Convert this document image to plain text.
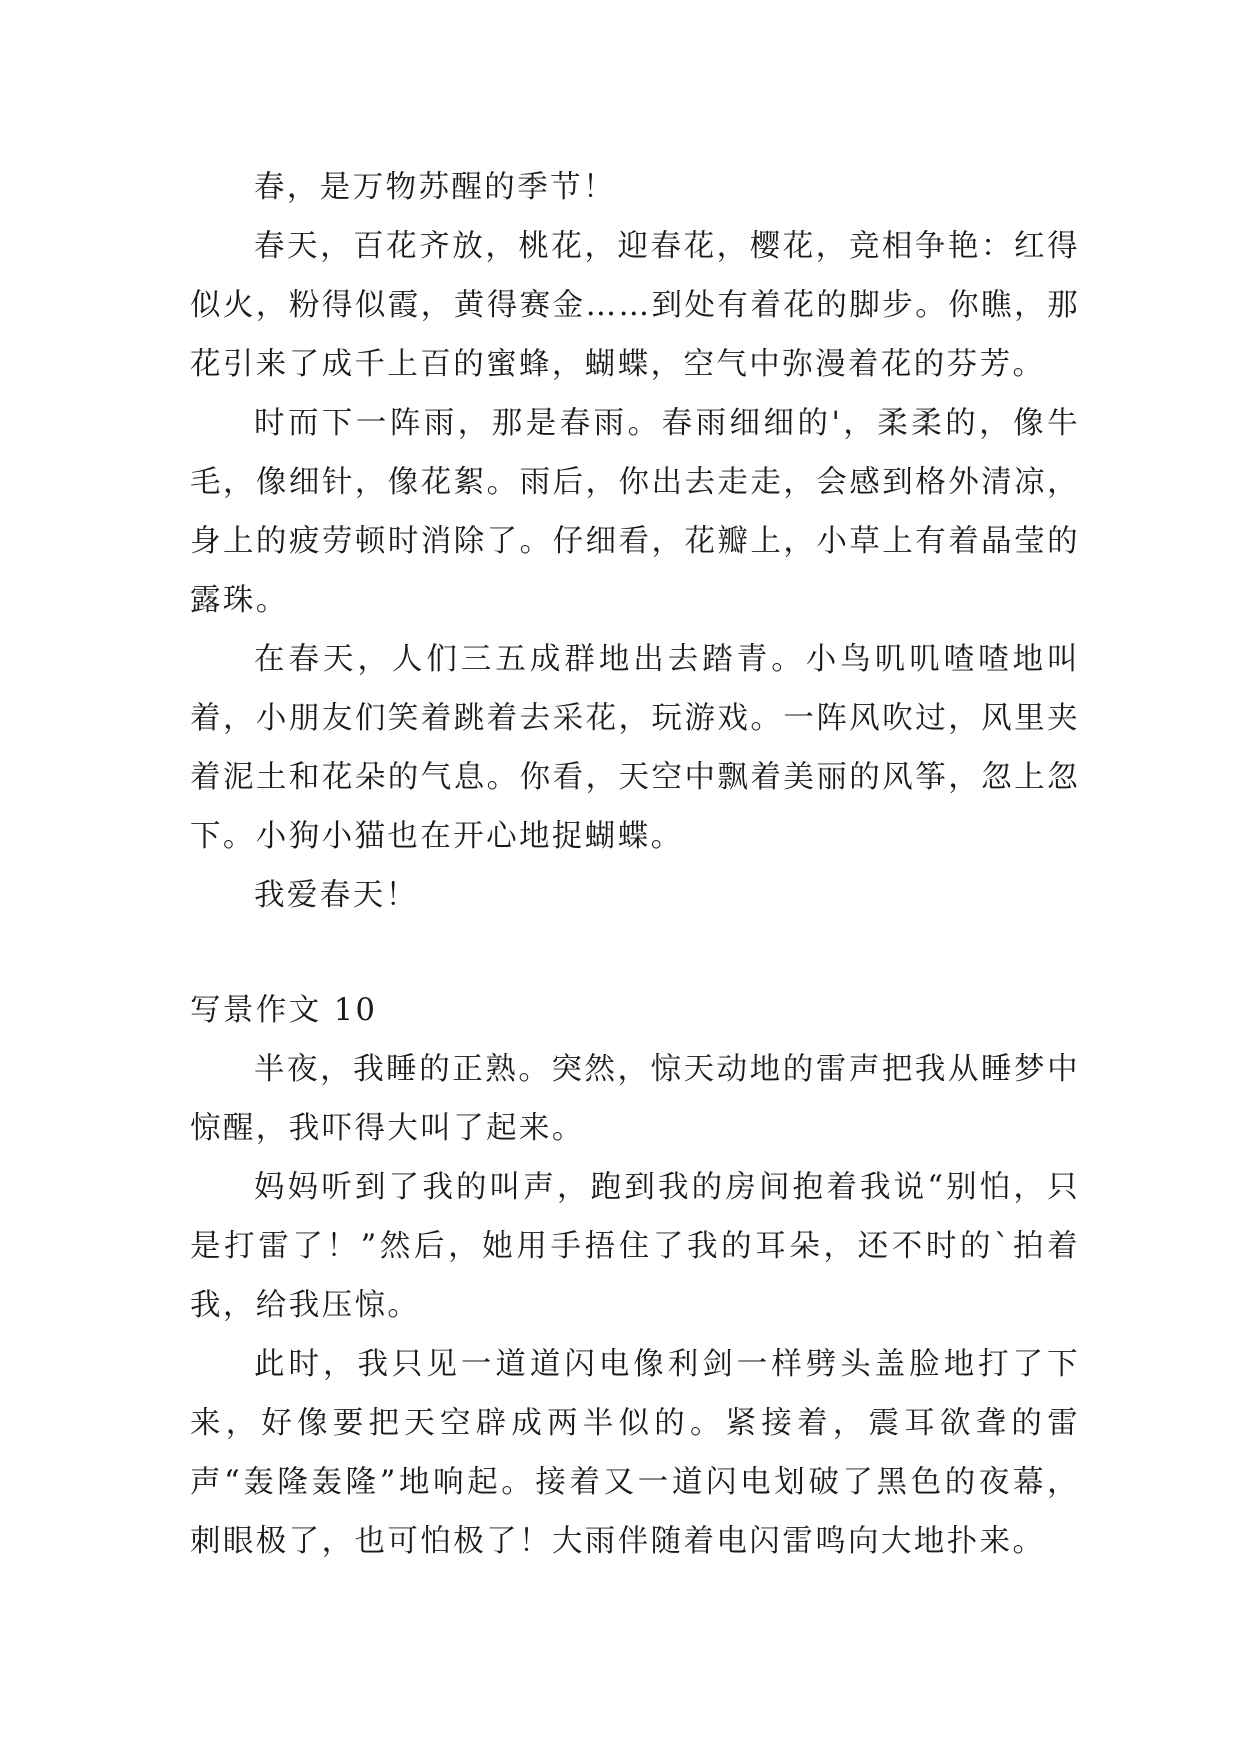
春，是万物苏醒的季节！

春天，百花齐放，桃花，迎春花，樱花，竞相争艳：红得似火，粉得似霞，黄得赛金……到处有着花的脚步。你瞧，那花引来了成千上百的蜜蜂，蝴蝶，空气中弥漫着花的芬芳。

时而下一阵雨，那是春雨。春雨细细的'，柔柔的，像牛毛，像细针，像花絮。雨后，你出去走走，会感到格外清凉，身上的疲劳顿时消除了。仔细看，花瓣上，小草上有着晶莹的露珠。

在春天，人们三五成群地出去踏青。小鸟叽叽喳喳地叫着，小朋友们笑着跳着去采花，玩游戏。一阵风吹过，风里夹着泥土和花朵的气息。你看，天空中飘着美丽的风筝，忽上忽下。小狗小猫也在开心地捉蝴蝶。

我爱春天！

写景作文 10

半夜，我睡的正熟。突然，惊天动地的雷声把我从睡梦中惊醒，我吓得大叫了起来。

妈妈听到了我的叫声，跑到我的房间抱着我说“别怕，只是打雷了！”然后，她用手捂住了我的耳朵，还不时的`拍着我，给我压惊。

此时，我只见一道道闪电像利剑一样劈头盖脸地打了下来，好像要把天空辟成两半似的。紧接着，震耳欲聋的雷声“轰隆轰隆”地响起。接着又一道闪电划破了黑色的夜幕，刺眼极了，也可怕极了！大雨伴随着电闪雷鸣向大地扑来。
